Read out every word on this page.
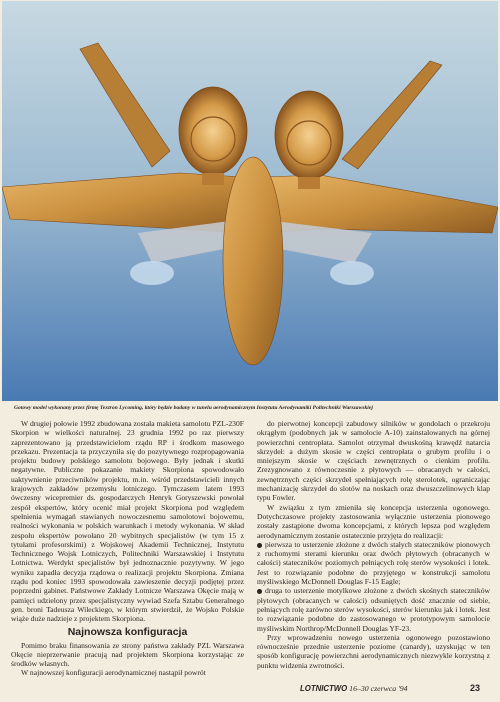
Gotowy model wykonany przez firmę Textron Lycoming, który będzie badany w tunelu aerodynamicznym Instytutu Aerodynamiki Politechniki Warszawskiej

W drugiej połowie 1992 zbudowana została makieta samolotu PZL-230F Skorpion w wielkości naturalnej. 23 grudnia 1992 po raz pierwszy zaprezentowano ją przedstawicielom rządu RP i środkom masowego przekazu. Prezentacja ta przyczyniła się do pozytywnego rozpropagowania projektu budowy polskiego samolotu bojowego. Były jednak i skutki negatywne. Publiczne pokazanie makiety Skorpiona spowodowało uaktywnienie przeciwników projektu, m.in. wśród przedstawicieli innych krajowych zakładów przemysłu lotniczego. Tymczasem latem 1993 ówczesny wicepremier ds. gospodarczych Henryk Goryszewski powołał zespół ekspertów, który ocenić miał projekt Skorpiona pod względem spełnienia wymagań stawianych nowoczesnemu samolotowi bojowemu, realności wykonania w polskich warunkach i metody wykonania. W skład zespołu ekspertów powołano 20 wybitnych specjalistów (w tym 15 z tytułami profesorskimi) z Wojskowej Akademii Technicznej, Instytutu Technicznego Wojsk Lotniczych, Politechniki Warszawskiej i Instytutu Lotnictwa. Werdykt specjalistów był jednoznacznie pozytywny. W jego wyniku zapadła decyzja rządowa o realizacji projektu Skorpiona. Zmiana rządu pod koniec 1993 spowodowała zawieszenie decyzji podjętej przez poprzedni gabinet. Państwowe Zakłady Lotnicze Warszawa Okęcie mają w pamięci udzielony przez specjalistyczny wywiad Szefa Sztabu Generalnego gen. broni Tadeusza Wileckiego, w którym stwierdził, że Wojsko Polskie wiąże duże nadzieje z projektem Skorpiona.

Najnowsza konfiguracja

Pomimo braku finansowania ze strony państwa zakłady PZL Warszawa Okęcie nieprzerwanie pracują nad projektem Skorpiona korzystając ze środków własnych.

W najnowszej konfiguracji aerodynamicznej nastąpił powrót

do pierwotnej koncepcji zabudowy silników w gondolach o przekroju okrągłym (podobnych jak w samolocie A-10) zainstalowanych na górnej powierzchni centropłata. Samolot otrzymał dwuskośną krawędź natarcia skrzydeł: a dużym skosie w części centropłata o grubym profilu i o mniejszym skosie w częściach zewnętrznych o cienkim profilu. Zrezygnowano z równoczesnie z płytowych — obracanych w całości, zewnętrznych części skrzydeł spełniających rolę sterolotek, ograniczając mechanizację skrzydeł do slotów na noskach oraz dwuszczelinowych klap typu Fowler.

W związku z tym zmieniła się koncepcja usterzenia ogonowego. Dotychczasowe projekty zastosowania wyłącznie usterzenia pionowego zostały zastąpione dwoma koncepcjami, z których lepsza pod względem aerodynamicznym zostanie ostatecznie przyjęta do realizacji:

pierwsza to usterzenie złożone z dwóch stałych stateczników pionowych z ruchomymi sterami kierunku oraz dwóch płytowych (obracanych w całości) stateczników poziomych pełniących rolę sterów wysokości i lotek. Jest to rozwiązanie podobne do przyjętego w konstrukcji samolotu myśliwskiego McDonnell Douglas F-15 Eagle;

druga to usterzenie motylkowe złożone z dwóch skośnych stateczników płytowych (obracanych w całości) odsuniętych dość znacznie od siebie, pełniących rolę zarówno sterów wysokości, sterów kierunku jak i lotek. Jest to rozwiązanie podobne do zastosowanego w prototypowym samolocie myśliwskim Northrop/McDonnell Douglas YF-23.

Przy wprowadzeniu nowego usterzenia ogonowego pozostawiono równocześnie przednie usterzenie poziome (canardy), uzyskując w ten sposób konfigurację powierzchni aerodynamicznych niezwykle korzystną z punktu widzenia zwrotności.

LOTNICTWO 16–30 czerwca '94	23
